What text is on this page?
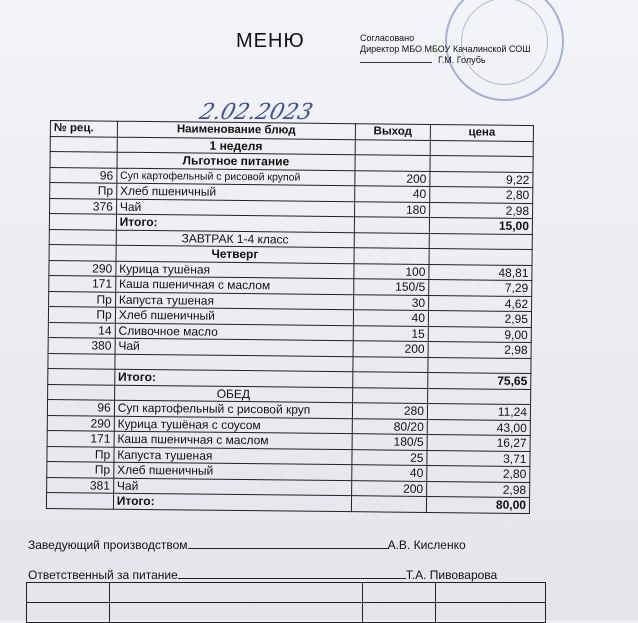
МЕНЮ	Согласовано
Директор МБО МБОУ Качалинской СОШ
Г.М. Голубь
2.02.2023
№ рец.	Наименование блюд	Выход	цена
	1 неделя		
	Льготное питание		
96	Суп картофельный с рисовой крупой	200	9,22
Пр	Хлеб пшеничный	40	2,80
376	Чай	180	2,98
	Итого:		15,00
	ЗАВТРАК 1-4 класс		
	Четверг		
290	Курица тушёная	100	48,81
171	Каша пшеничная с маслом	150/5	7,29
Пр	Капуста тушеная	30	4,62
Пр	Хлеб пшеничный	40	2,95
14	Сливочное масло	15	9,00
380	Чай	200	2,98

	Итого:		75,65
	ОБЕД		
96	Суп картофельный с рисовой круп	280	11,24
290	Курица тушёная с соусом	80/20	43,00
171	Каша пшеничная с маслом	180/5	16,27
Пр	Капуста тушеная	25	3,71
Пр	Хлеб пшеничный	40	2,80
381	Чай	200	2,98
	Итого:		80,00
Заведующий производством	А.В. Кисленко
Ответственный за питание	Т.А. Пивоварова
